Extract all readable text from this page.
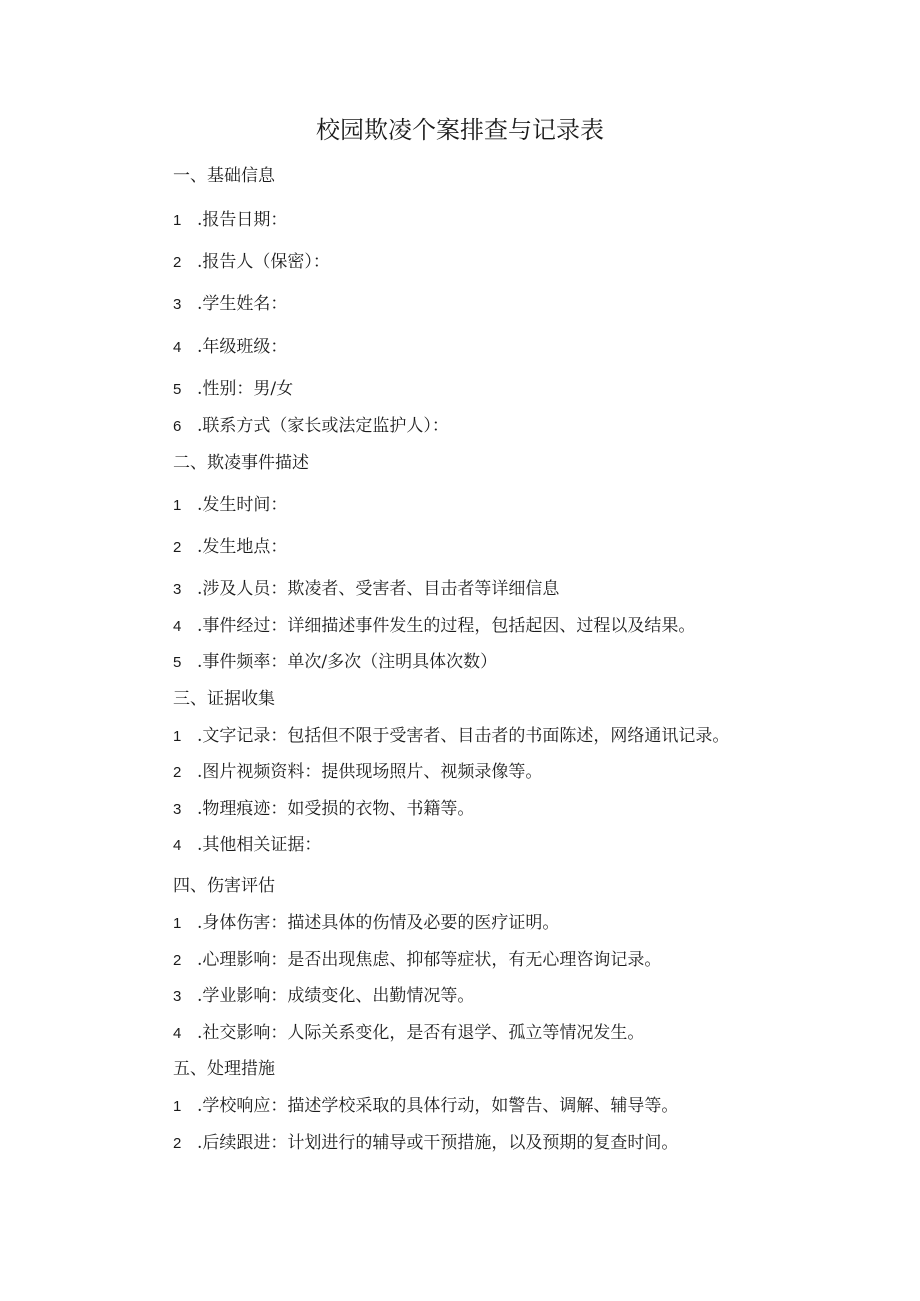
校园欺凌个案排查与记录表
一、基础信息
1 .报告日期：
2 .报告人（保密）：
3 .学生姓名：
4 .年级班级：
5 .性别：男/女
6 .联系方式（家长或法定监护人）：
二、欺凌事件描述
1 .发生时间：
2 .发生地点：
3 .涉及人员：欺凌者、受害者、目击者等详细信息
4 .事件经过：详细描述事件发生的过程，包括起因、过程以及结果。
5 .事件频率：单次/多次（注明具体次数）
三、证据收集
1 .文字记录：包括但不限于受害者、目击者的书面陈述，网络通讯记录。
2 .图片视频资料：提供现场照片、视频录像等。
3 .物理痕迹：如受损的衣物、书籍等。
4 .其他相关证据：
四、伤害评估
1 .身体伤害：描述具体的伤情及必要的医疗证明。
2 .心理影响：是否出现焦虑、抑郁等症状，有无心理咨询记录。
3 .学业影响：成绩变化、出勤情况等。
4 .社交影响：人际关系变化，是否有退学、孤立等情况发生。
五、处理措施
1 .学校响应：描述学校采取的具体行动，如警告、调解、辅导等。
2 .后续跟进：计划进行的辅导或干预措施，以及预期的复查时间。
